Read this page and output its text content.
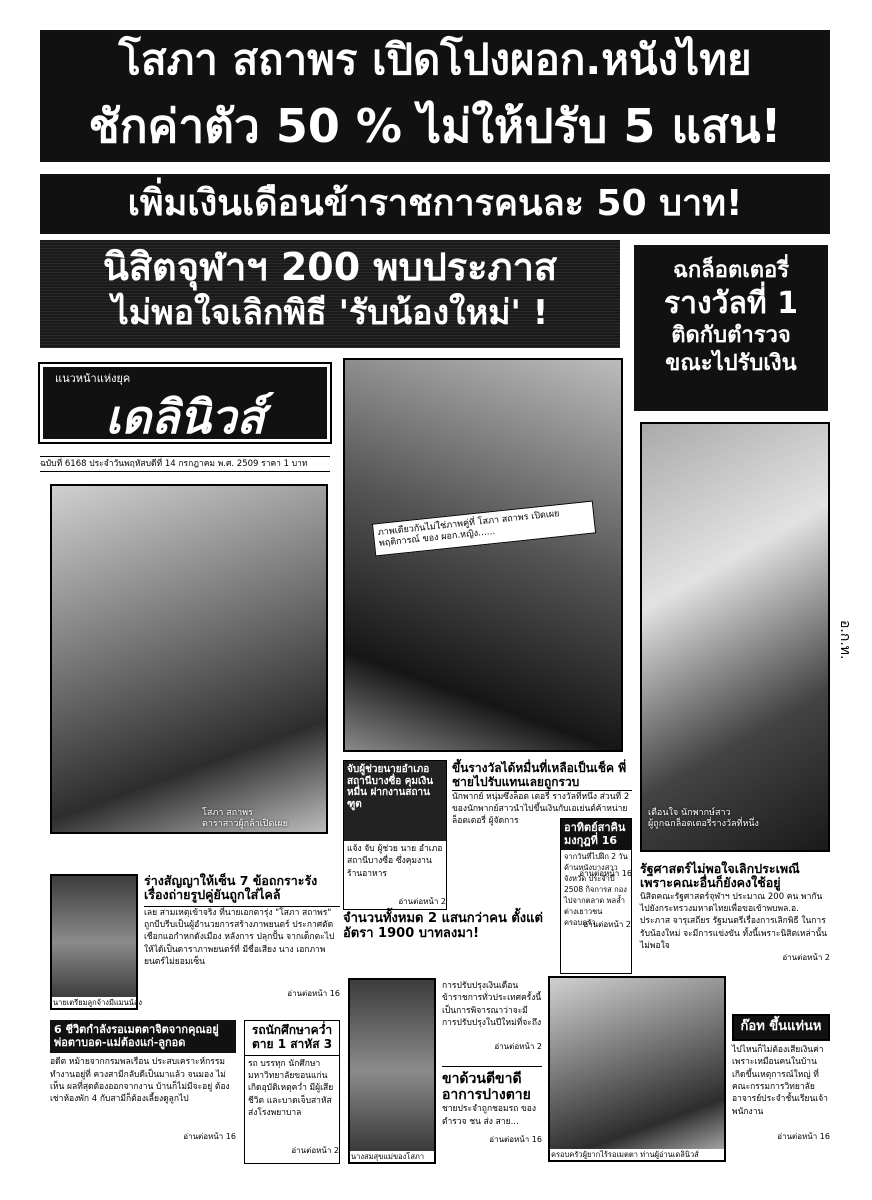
โสภา สถาพร เปิดโปงผอก.หนังไทย
ชักค่าตัว 50 % ไม่ให้ปรับ 5 แสน!
เพิ่มเงินเดือนข้าราชการคนละ 50 บาท!
นิสิตจุฬาฯ 200 พบประภาส
ไม่พอใจเลิกพิธี 'รับน้องใหม่' !
ฉกล็อตเตอรี่
รางวัลที่ 1
ติดกับตำรวจ
ขณะไปรับเงิน
แนวหน้าแห่งยุค
เดลินิวส์
ฉบับที่ 6168 ประจำวันพฤหัสบดีที่ 14 กรกฎาคม พ.ศ. 2509 ราคา 1 บาท
โสภา สถาพร
ดาราสาวผู้กล้าเปิดเผย
ภาพเดียวกันไม่ใช่ภาพคู่ที่ โสภา สถาพร เปิดเผยพฤติการณ์ ของ ผอก.หญิง......
เตือนใจ นักพากษ์สาว
ผู้ถูกฉกล็อตเตอรี่รางวัลที่หนึ่ง
อ.ก.ท.
จับผู้ช่วยนายอำเภอ สถานีบางซื่อ คุมเงินหมื่น ฝากงานสถานฑูต
แจ้ง จับ ผู้ช่วย นาย อำเภอ สถานีบางซื่อ ซึ่งคุมงานร้านอาหาร
อ่านต่อหน้า 2
ขึ้นรางวัลได้หมื่นที่เหลือเป็นเช็ค พี่ชายไปรับแทนเลยถูกรวบ
นักพากย์ หนุ่มซึ่งล็อต เตอรี่ รางวัลที่หนึ่ง ส่วนที่ 2 ของนักพากย์สาวนำไปขึ้นเงินกับเอเย่นต์ค้าหน่าย ล็อตเตอรี่ ผู้จัดการ
อ่านต่อหน้า 16
อาทิตย์สาคิน มงกุฎที่ 16
จากวันที่ไปฝึก 2 วัน ค้านหนังบางสาว จังหวัด ประจำปี 2508 กิจการส กองไปจากตลาด พลล้ำ ต่างเยาวชน ครอบครัว
อ่านต่อหน้า 2
รัฐศาสตร์ไม่พอใจเลิกประเพณี เพราะคณะอื่นก็ยังคงใช้อยู่
นิสิตคณะรัฐศาสตร์จุฬาฯ ประมาณ 200 คน พากันไปยังกระทรวงมหาดไทยเพื่อขอเข้าพบพล.อ. ประภาส จารุเสถียร รัฐมนตรีเรื่องการเลิกพิธี ในการรับน้องใหม่ จะมีการแข่งขัน ทั้งนี้เพราะนิสิตเหล่านั้นไม่พอใจ
อ่านต่อหน้า 2
นายเตรียมลูกจ้างมีแมนน้อง
ร่างสัญญาให้เซ็น 7 ข้อถกราะรัง เรื่องถ่ายรูปคู่ยันถูกใส่ไคล้
เลย สามเหตุเข้าจริง ที่นายเอกตารุ่ง "โสภา สถาพร" ถูกบีบรีบเป็นผู้อำนวยการสร้างภาพยนตร์ ประกาศตัดเชือกแอกำหกดังเมือง หลังการ ปลุกปั้น จากเด็กตะไปให้ได้เป็นดาราภาพยนตร์ที่ มีชื่อเสียง นาง เอกภาพยนตร์ไม่ยอมเซ็น
อ่านต่อหน้า 16
จำนวนทั้งหมด 2 แสนกว่าคน ตั้งแต่อัตรา 1900 บาทลงมา!
นางสมสุขแม่ของโสภา
การปรับปรุงเงินเดือน ข้าราชการทั่วประเทศครั้งนี้ เป็นการพิจารณาว่าจะมีการปรับปรุงในปีใหม่ที่จะถึง
อ่านต่อหน้า 2
ขาด้วนตีขาดี อาการปางตาย
ชายประจำถูกชอมรถ ของ ตำรวจ ชน ส่ง สาย...
อ่านต่อหน้า 16
6 ชีวิตกำลังรอเมตตาจิตจากคุณอยู่ พ่อตาบอด-แม่ต้องแก่-ลูกอด
อดีต หม้ายจากกรมพลเรือน ประสบเคราะห์กรรม ทำงานอยู่ที่ ควงสามีกลับดีเป็นมาแล้ว จนมอง ไม่เห็น ผลที่สุดต้องออกจากงาน บ้านก็ไม่มีจะอยู่ ต้องเช่าห้องพัก 4 กับสามีก็ต้องเลี้ยงดูลูกไป
อ่านต่อหน้า 16
รถนักศึกษาคว่ำ ตาย 1 สาหัส 3
รถ บรรทุก นักศึกษามหาวิทยาลัยขอนแก่น เกิดอุบัติเหตุคว่ำ มีผู้เสียชีวิต และบาดเจ็บสาหัสส่งโรงพยาบาล
อ่านต่อหน้า 2	ครอบครัวผู้ยากไร้รอเมตตา ท่านผู้อ่านเดลินิวส์
ก๊อท ขึ้นแท่นห
ไปไหนก็ไม่ต้องเสียเงินค่าเพราะเหมือนคนในบ้านเกิดขึ้นเหตุการณ์ใหญ่ ที่ คณะกรรมการวิทยาลัย อาจารย์ประจำชั้นเรียนเจ้าพนักงาน
อ่านต่อหน้า 16
